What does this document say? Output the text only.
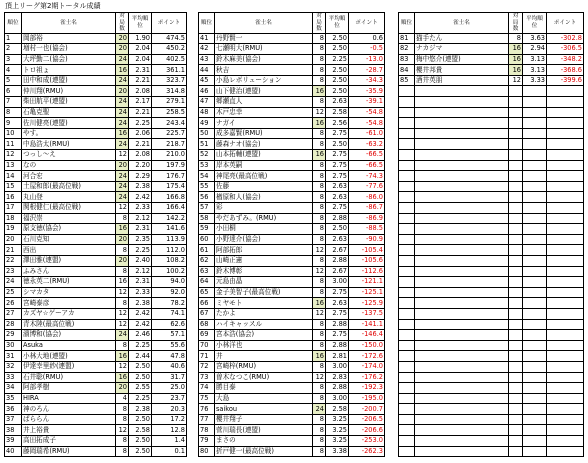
頂上リーグ第2期トータル成績
順位	雀士名	対局数	平均順位	ポイント
1	岡部裕	20	1.90	474.5
2	増村一也(協会)	20	2.04	450.2
3	大坪勤二(協会)	24	2.04	402.5
4	トロ祖ょ	16	2.31	361.1
5	田中和成(連盟)	24	2.21	323.7
6	仲川翔(RMU)	20	2.08	314.8
7	柴田航平(連盟)	24	2.17	279.1
8	石亀克聖	24	2.21	258.5
9	佐川健亮(連盟)	24	2.25	243.4
10	やす。	16	2.06	225.7
11	中島浩太(RMU)	24	2.21	218.7
12	つっし～え	12	2.08	210.0
13	なの	20	2.20	197.9
14	河合宏	24	2.29	176.7
15	土屋和郎(最高位戦)	24	2.38	175.4
16	丸山登	24	2.42	166.8
17	関根健仁(最高位戦)	12	2.33	166.4
18	福沢崇	8	2.12	142.2
19	原支徳(協会)	16	2.31	141.6
20	石川克知	20	2.35	113.9
21	西出	8	2.25	112.0
22	澤田雅(連盟)	20	2.40	108.2
23	ふみさん	8	2.12	100.2
24	徳永英二(RMU)	16	2.31	94.0
25	シマカタ	12	2.33	92.0
26	宮崎泰彦	8	2.38	78.2
27	カズヤ☆ゲーアカ	12	2.42	74.1
28	青木陸(最高位戦)	12	2.42	62.6
29	濱博和(協会)	24	2.46	57.1
30	Asuka	8	2.25	55.6
31	小林大地(連盟)	16	2.44	47.8
32	伊達幸里紗(連盟)	12	2.50	40.6
33	石井聡(RMU)	16	2.50	31.7
34	阿部孝樹	20	2.55	25.0
35	HIRA	4	2.25	23.7
36	神のろん	8	2.38	20.3
37	ぱららん	8	2.50	17.2
38	井上裕貴	12	2.58	12.8
39	高田拓成子	8	2.50	1.4
40	藤岡瑞希(RMU)	8	2.50	0.1
順位	雀士名	対局数	平均順位	ポイント
41	丹野賢一	8	2.50	0.6
42	七瀬明大(RMU)	8	2.50	-0.5
43	鈴木麻美(協会)	8	2.25	-13.0
44	秋吉	8	2.50	-28.7
45	小島レボリューション	8	2.50	-34.3
46	山下健治(連盟)	16	2.50	-35.9
47	郷瀬直人	8	2.63	-39.1
48	木戸忠幸	12	2.58	-54.8
49	ナガイ	16	2.56	-54.8
50	成多嘉賢(RMU)	8	2.75	-61.0
51	藤森ナオ(協会)	8	2.50	-63.2
52	山本拓輔(連盟)	16	2.75	-66.5
53	岸本英嗣	8	2.75	-66.5
54	神尾亮(最高位戦)	8	2.75	-74.3
55	佐藤	8	2.63	-77.6
56	楢原和人(協会)	8	2.63	-86.0
57	彩	8	2.75	-86.7
58	やだあずみ。(RMU)	8	2.88	-86.9
59	小田桐	8	2.50	-88.5
60	小野達介(協会)	8	2.63	-90.9
61	阿部拓郎	12	2.67	-105.4
62	山崎正憲	8	2.88	-105.6
63	鈴木博彰	12	2.67	-112.6
64	元島由晶	8	3.00	-121.1
65	金子美智子(最高位戦)	8	2.75	-125.1
66	ミヤモト	16	2.63	-125.9
67	たかよ	12	2.75	-137.5
68	ハイキャッスル	8	2.88	-141.1
69	宮本浩(協会)	8	2.75	-146.4
70	小林洋也	8	2.88	-150.0
71	井	16	2.81	-172.6
72	宮崎梓(RMU)	8	3.00	-174.0
73	曽木なつこ(RMU)	12	2.83	-176.2
74	勝目泰	8	2.88	-192.3
75	大島	8	3.00	-195.0
76	saikou	24	2.58	-200.7
77	櫻井翔子	8	3.25	-206.5
78	菅川瑞長(連盟)	8	3.25	-206.6
79	まさの	8	3.25	-253.0
80	折戸健一(最高位戦)	8	3.38	-262.3
順位	雀士名	対局数	平均順位	ポイント
81	猫手たん	8	3.63	-302.8
82	ナカジマ	16	2.94	-306.5
83	梅中悠介(連盟)	16	3.13	-348.2
84	櫻井邦貴	16	3.13	-368.6
85	酒井英朋	12	3.33	-399.6
